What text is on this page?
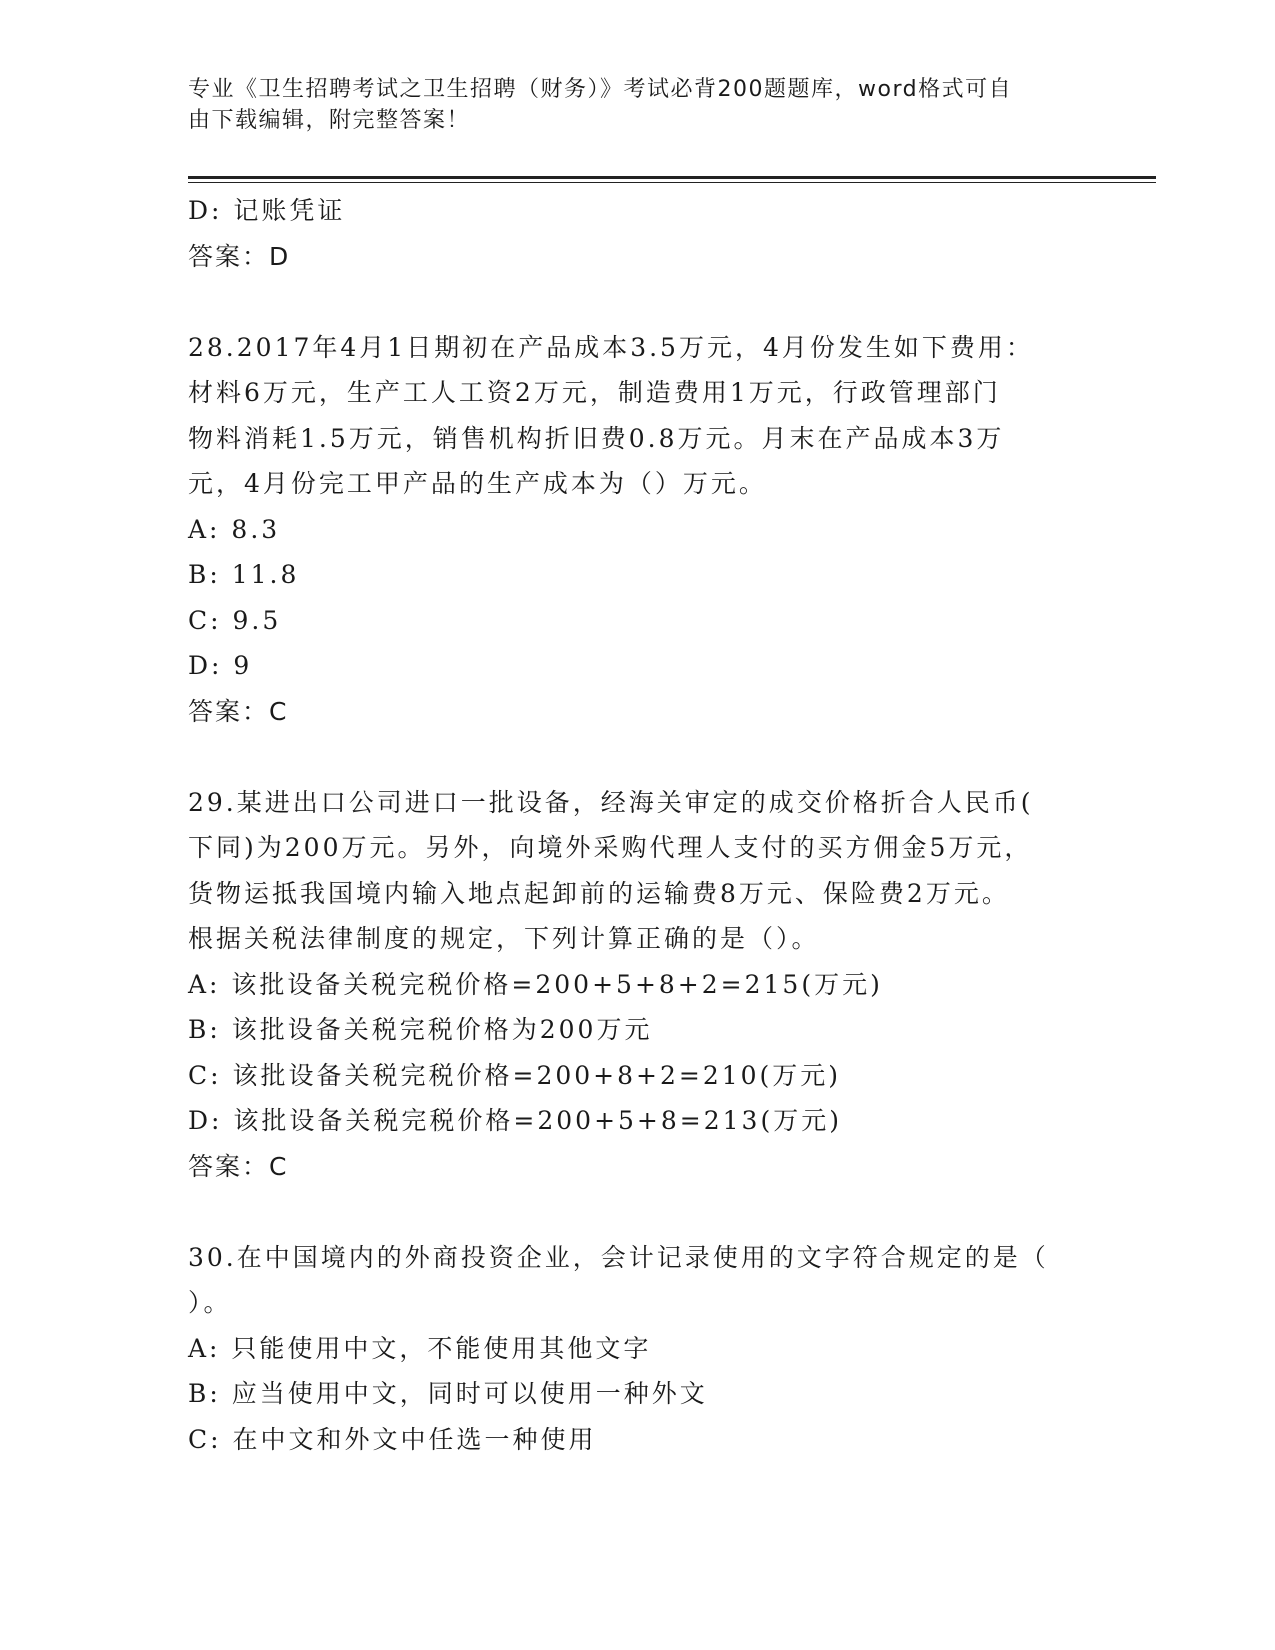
专业《卫生招聘考试之卫生招聘（财务）》考试必背200题题库，word格式可自
由下载编辑，附完整答案！
D: 记账凭证
答案：D
28.2017年4月1日期初在产品成本3.5万元，4月份发生如下费用：
材料6万元，生产工人工资2万元，制造费用1万元，行政管理部门
物料消耗1.5万元，销售机构折旧费0.8万元。月末在产品成本3万
元，4月份完工甲产品的生产成本为（）万元。
A: 8.3
B: 11.8
C: 9.5
D: 9
答案：C
29.某进出口公司进口一批设备，经海关审定的成交价格折合人民币(
下同)为200万元。另外，向境外采购代理人支付的买方佣金5万元，
货物运抵我国境内输入地点起卸前的运输费8万元、保险费2万元。
根据关税法律制度的规定，下列计算正确的是（）。
A: 该批设备关税完税价格=200+5+8+2=215(万元)
B: 该批设备关税完税价格为200万元
C: 该批设备关税完税价格=200+8+2=210(万元)
D: 该批设备关税完税价格=200+5+8=213(万元)
答案：C
30.在中国境内的外商投资企业，会计记录使用的文字符合规定的是（
）。
A: 只能使用中文，不能使用其他文字
B: 应当使用中文，同时可以使用一种外文
C: 在中文和外文中任选一种使用
